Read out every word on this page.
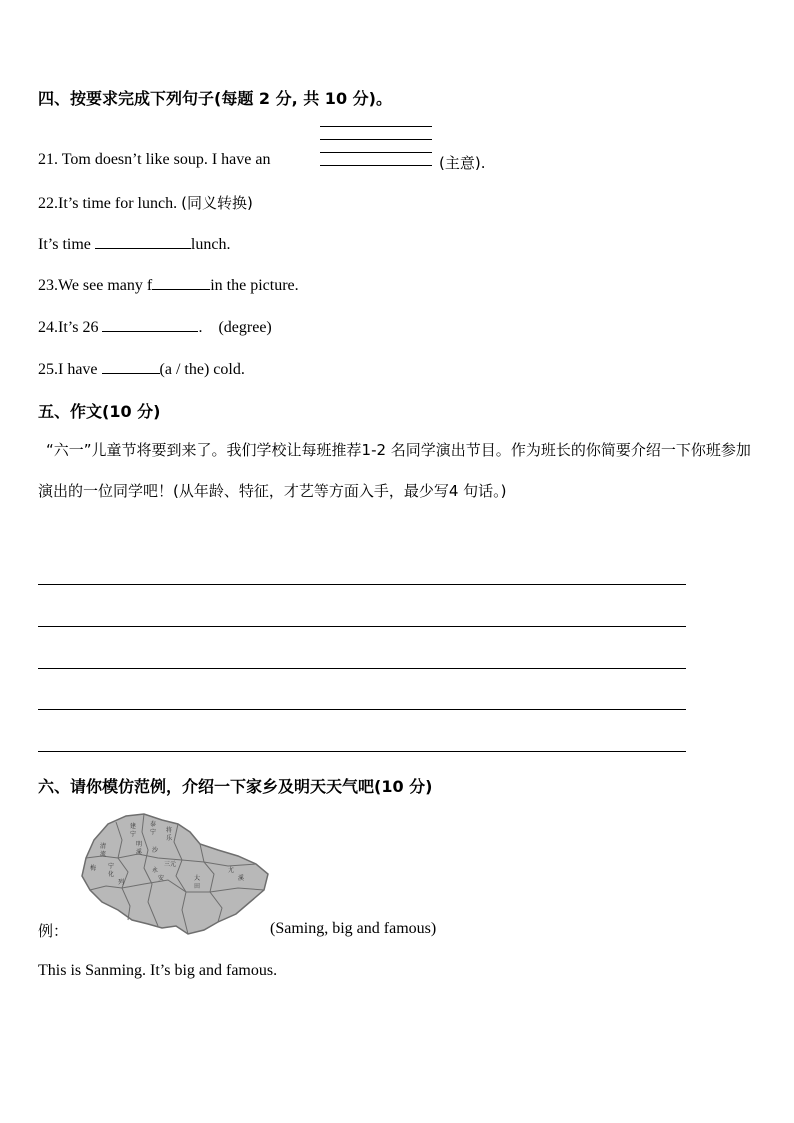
四、按要求完成下列句子(每题 2 分, 共 10 分)。
21. Tom doesn’t like soup. I have an	(主意).
22.It’s time for lunch. (同义转换)
It’s time	lunch.
23.We see many f	in the picture.
24.It’s 26	. (degree)
25.I have	(a / the) cold.
五、作文(10 分)
“六一”儿童节将要到来了。我们学校让每班推荐1-2 名同学演出节目。作为班长的你简要介绍一下你班参加演出的一位同学吧！(从年龄、特征，才艺等方面入手，最少写4 句话。)
六、请你模仿范例，介绍一下家乡及明天天气吧(10 分)
建
宁
泰
宁 将
乐
明
溪
三元
沙
永
安	大
田
尤
溪
清
流
宁
化
梅
列
例：	(Saming, big and famous)
This is Sanming. It’s big and famous.
